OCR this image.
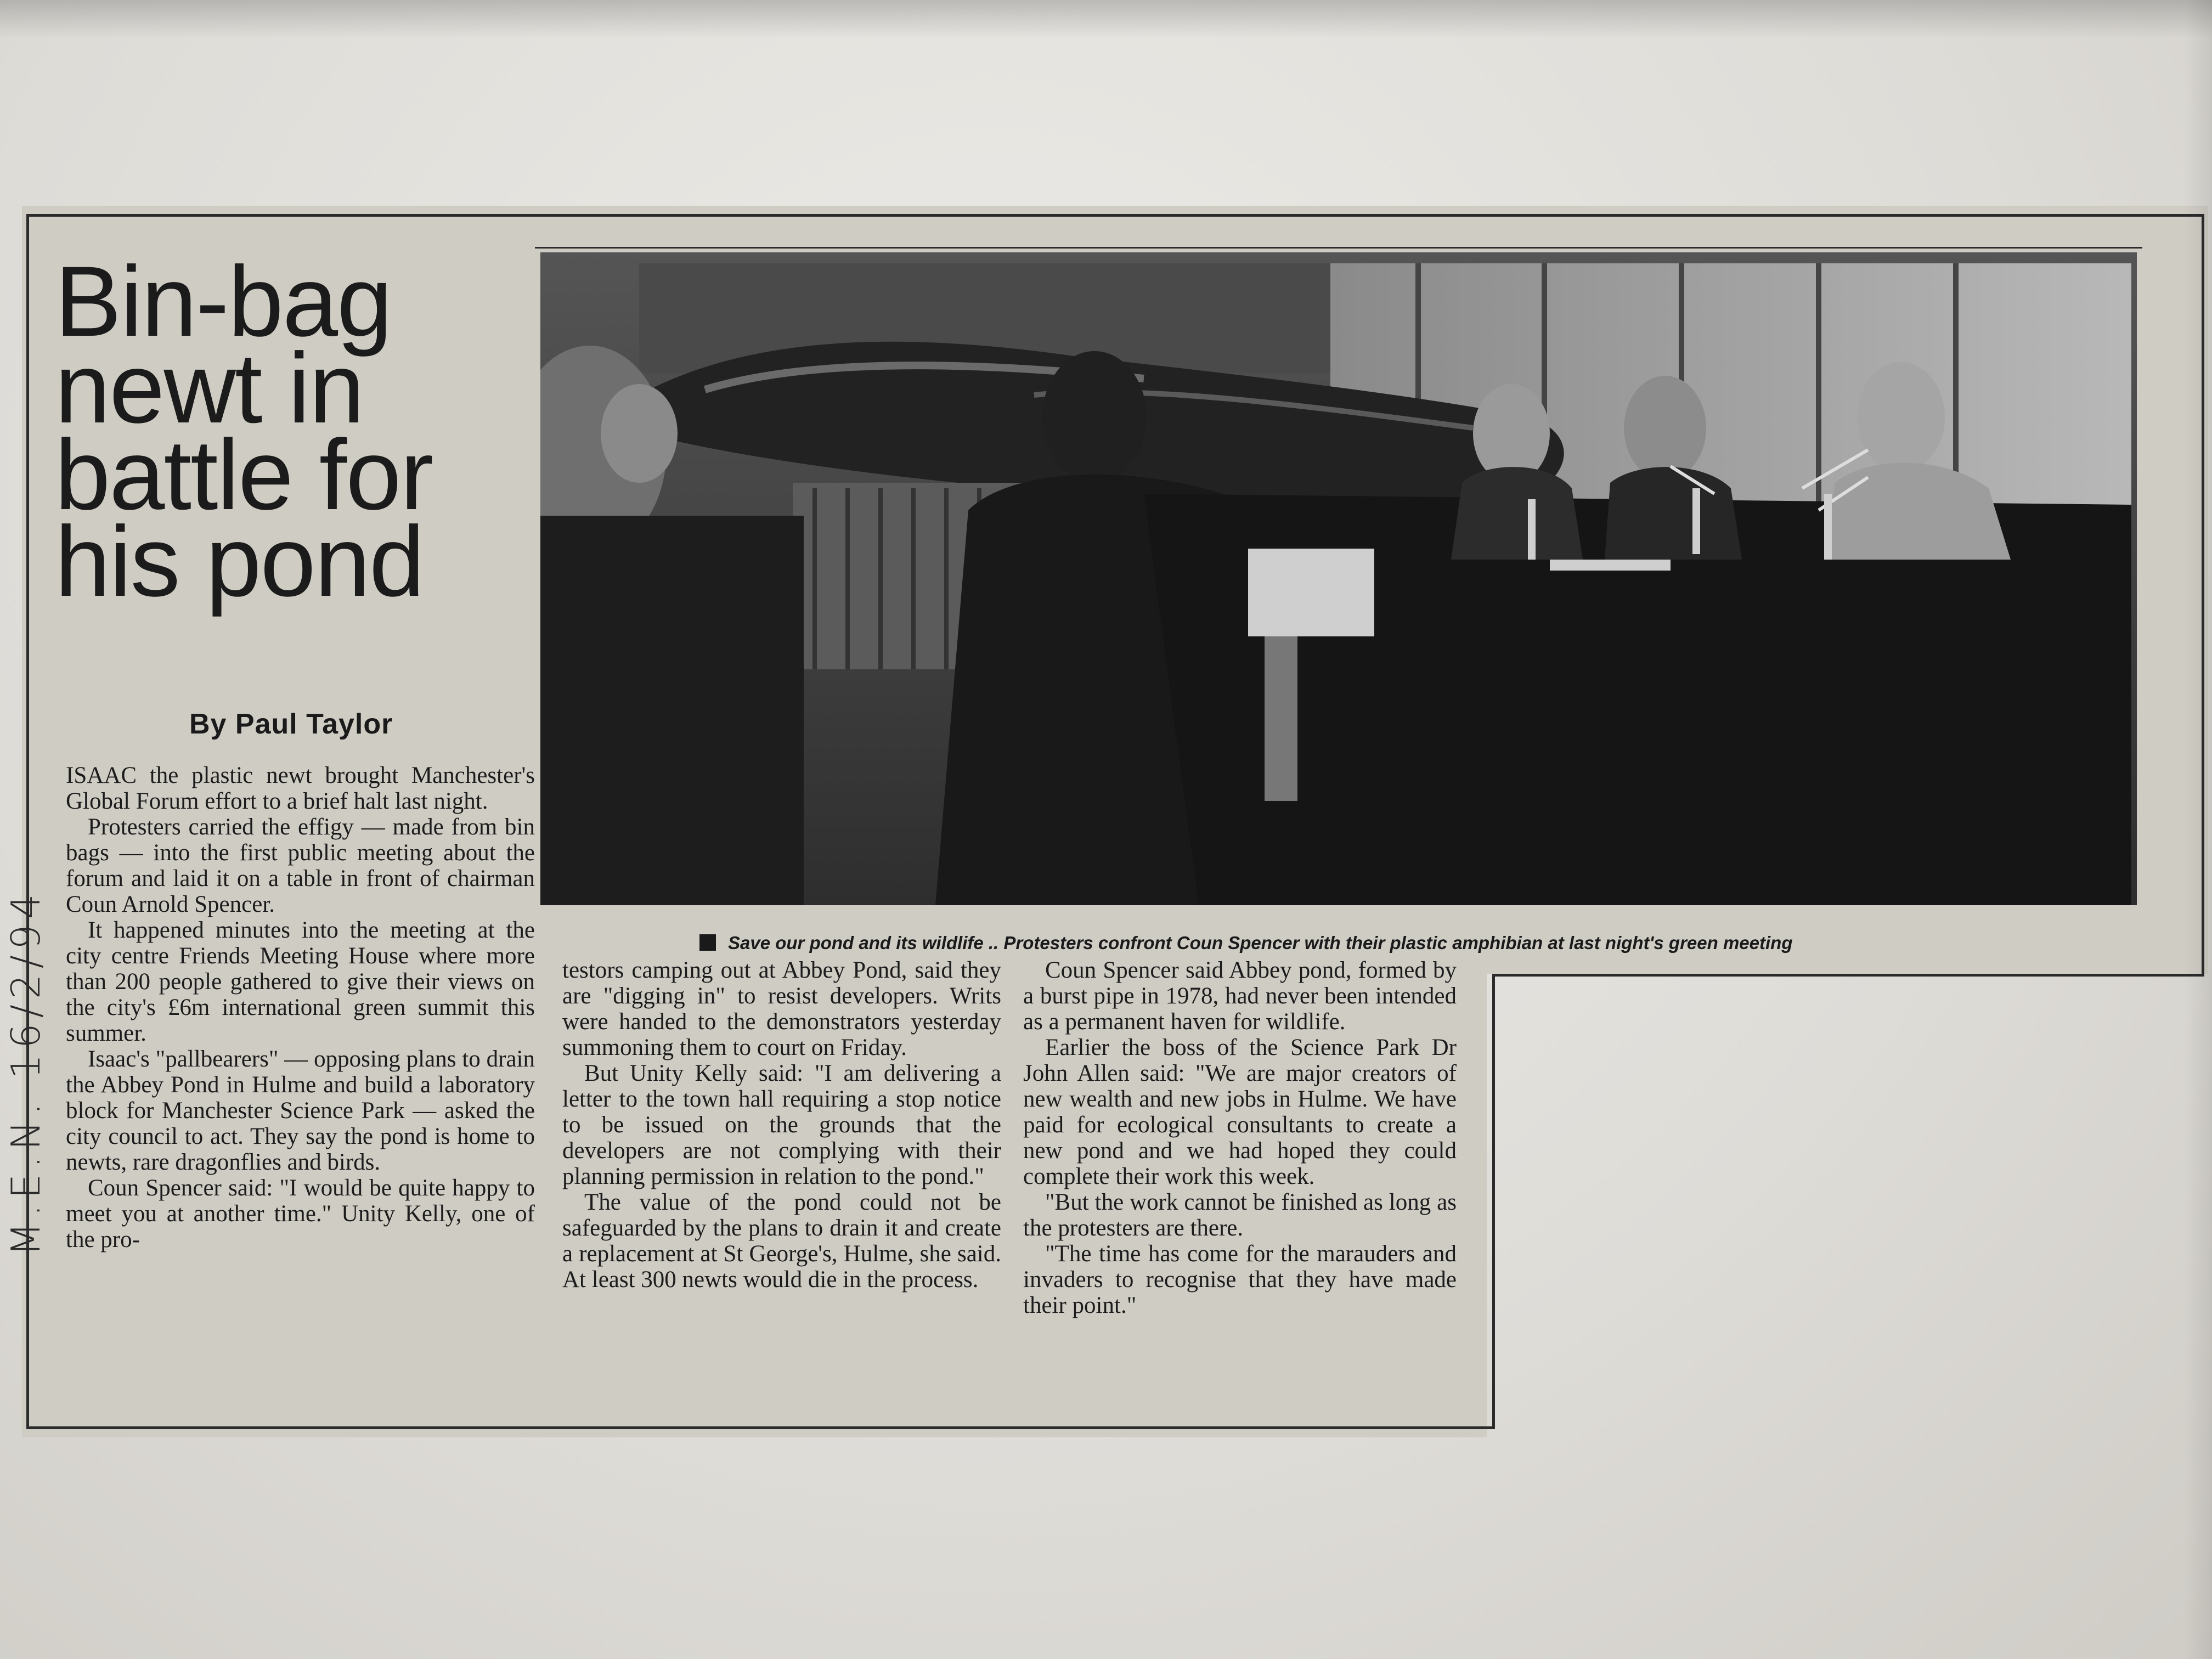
Bin-bag
newt in
battle for
his pond
By Paul Taylor
Save our pond and its wildlife .. Protesters confront Coun Spencer with their plastic amphibian at last night's green meeting

ISAAC the plastic newt brought Manchester's Global Forum effort to a brief halt last night.

Protesters carried the effigy — made from bin bags — into the first public meeting about the forum and laid it on a table in front of chairman Coun Arnold Spencer.

It happened minutes into the meeting at the city centre Friends Meeting House where more than 200 people gathered to give their views on the city's £6m international green summit this summer.

Isaac's "pallbearers" — opposing plans to drain the Abbey Pond in Hulme and build a laboratory block for Manchester Science Park — asked the city council to act. They say the pond is home to newts, rare dragonflies and birds.

Coun Spencer said: "I would be quite happy to meet you at another time." Unity Kelly, one of the pro-

testors camping out at Abbey Pond, said they are "digging in" to resist developers. Writs were handed to the demonstrators yesterday summoning them to court on Friday.

But Unity Kelly said: "I am delivering a letter to the town hall requiring a stop notice to be issued on the grounds that the developers are not complying with their planning permission in relation to the pond."

The value of the pond could not be safeguarded by the plans to drain it and create a replacement at St George's, Hulme, she said. At least 300 newts would die in the process.

Coun Spencer said Abbey pond, formed by a burst pipe in 1978, had never been intended as a permanent haven for wildlife.

Earlier the boss of the Science Park Dr John Allen said: "We are major creators of new wealth and new jobs in Hulme. We have paid for ecological consultants to create a new pond and we had hoped they could complete their work this week.

"But the work cannot be finished as long as the protesters are there.

"The time has come for the marauders and invaders to recognise that they have made their point."

M.E.N. 16/2/94
